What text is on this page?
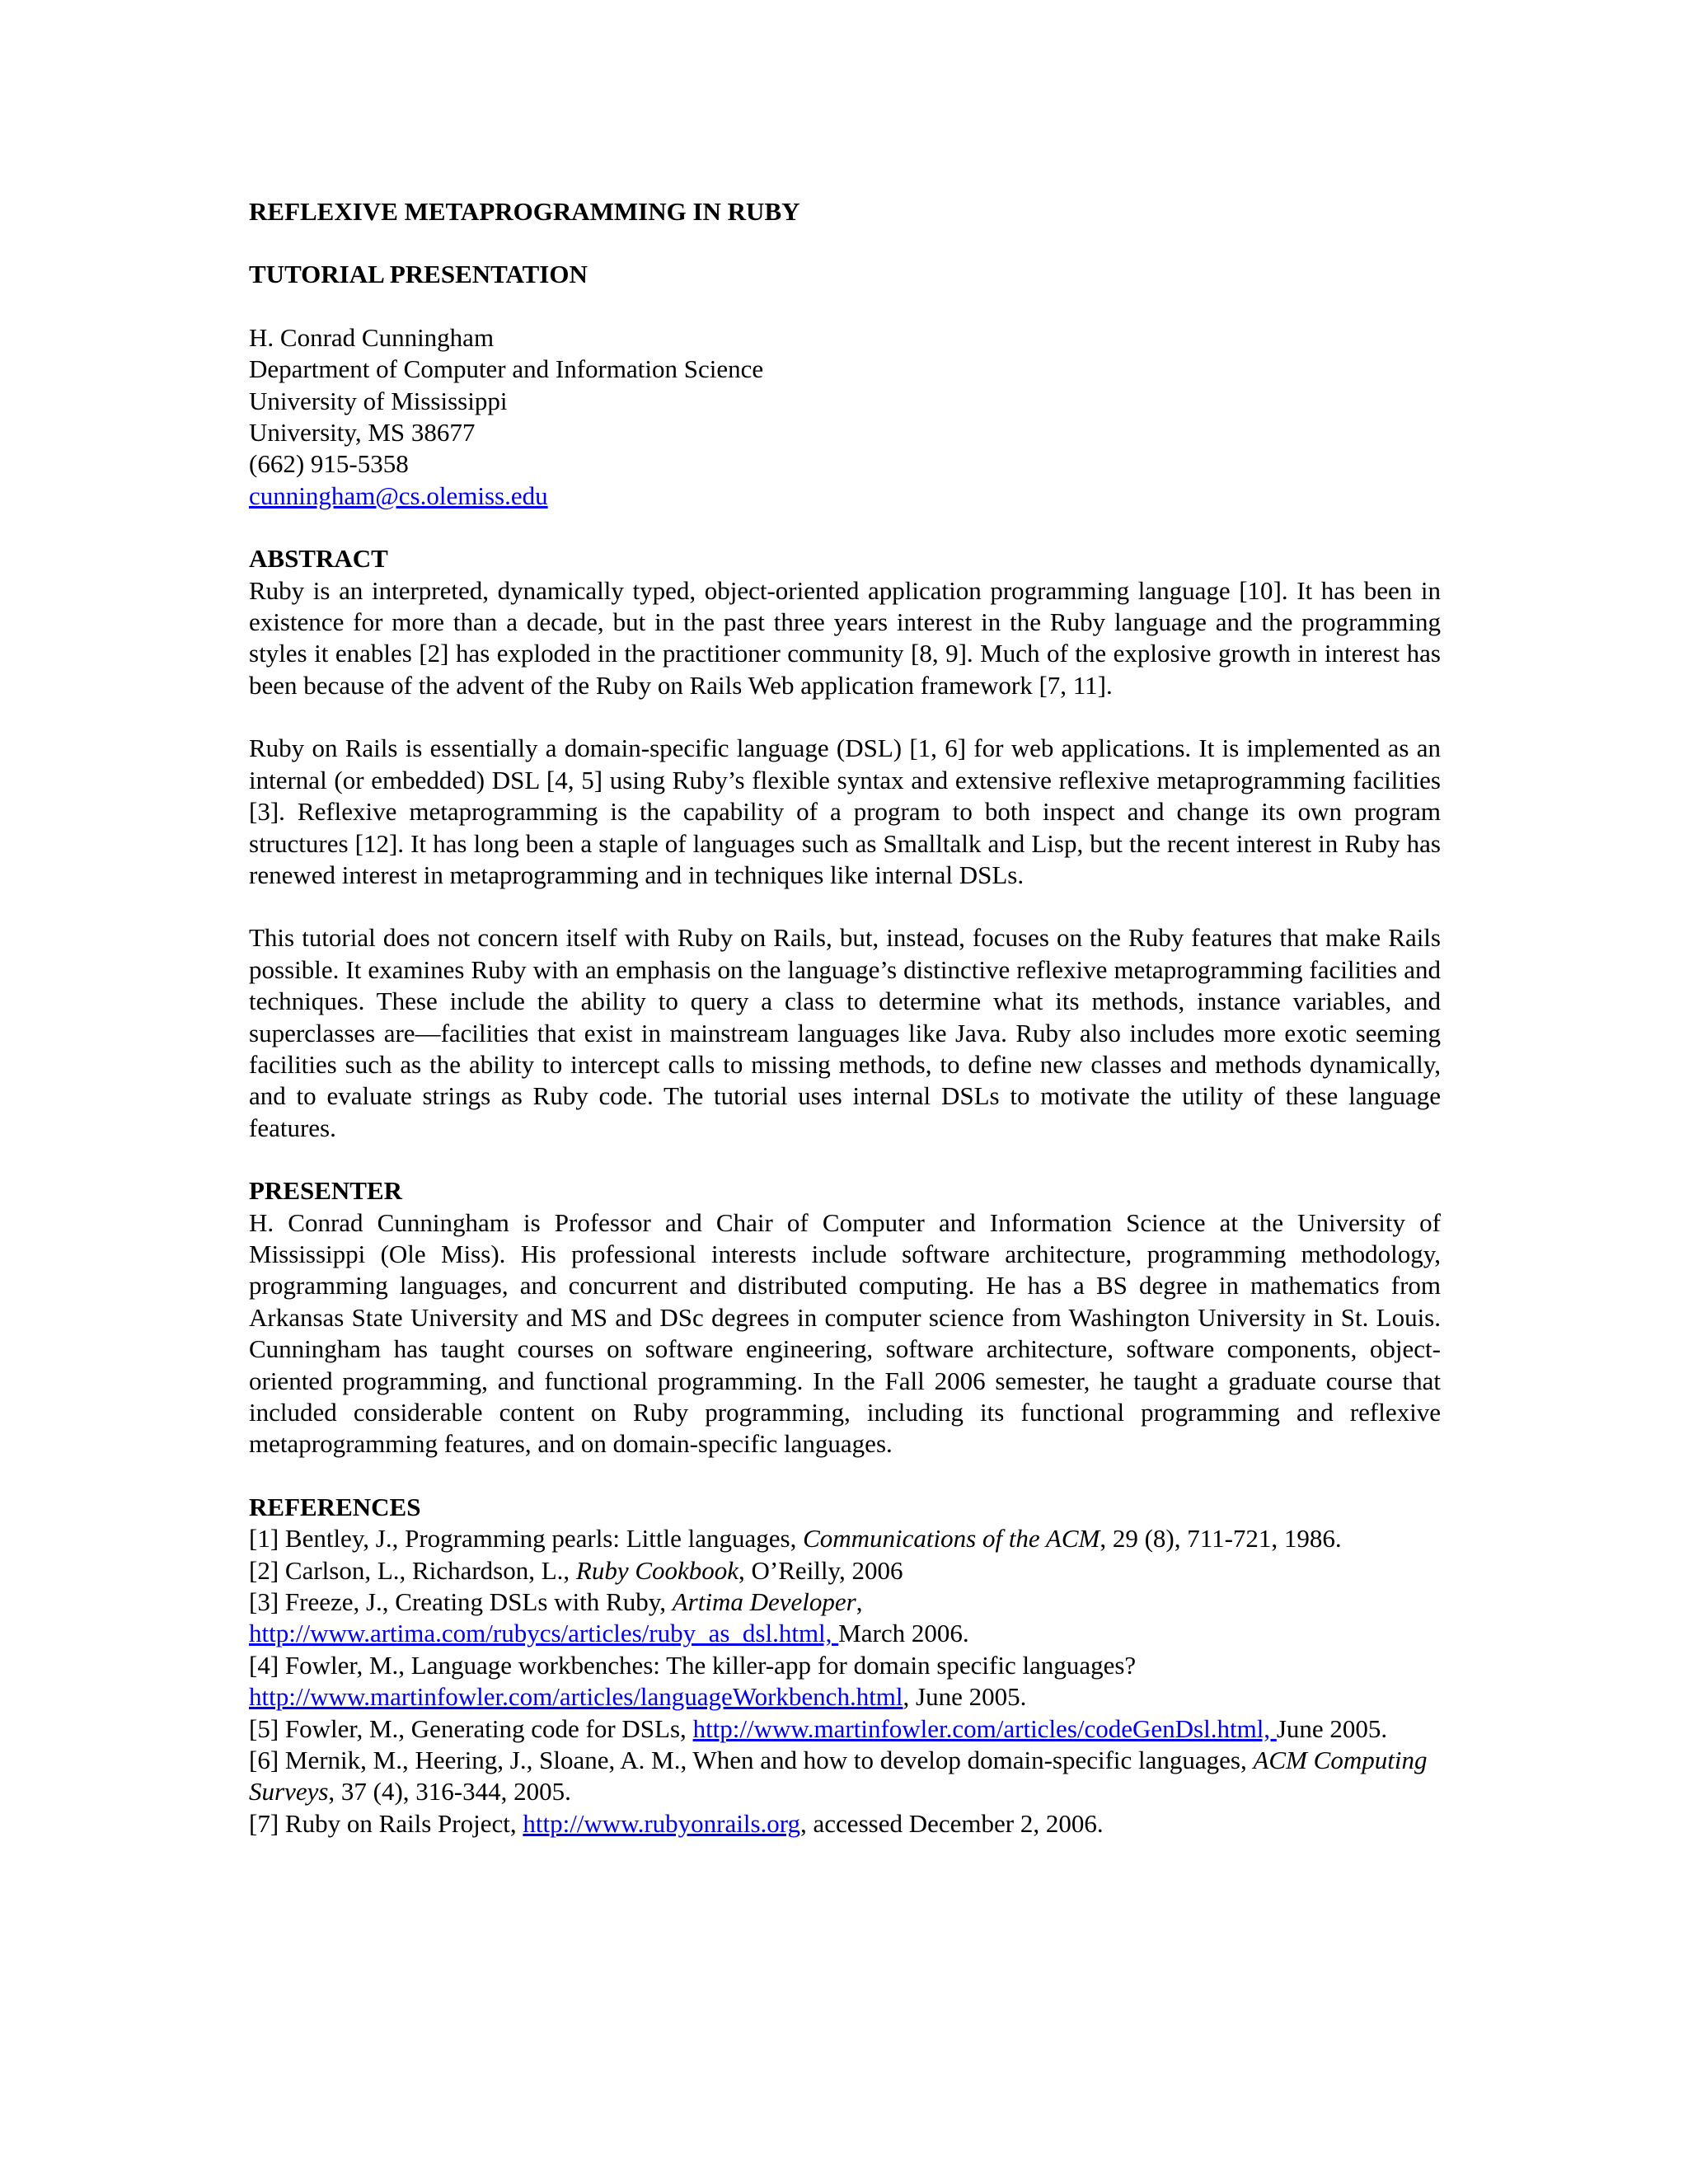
REFLEXIVE METAPROGRAMMING IN RUBY

TUTORIAL PRESENTATION

H. Conrad Cunningham

Department of Computer and Information Science

University of Mississippi

University, MS 38677

(662) 915-5358

cunningham@cs.olemiss.edu

ABSTRACT

Ruby is an interpreted, dynamically typed, object-oriented application programming language [10]. It has been in existence for more than a decade, but in the past three years interest in the Ruby language and the programming styles it enables [2] has exploded in the practitioner community [8, 9]. Much of the explosive growth in interest has been because of the advent of the Ruby on Rails Web application framework [7, 11].

Ruby on Rails is essentially a domain-specific language (DSL) [1, 6] for web applications. It is implemented as an internal (or embedded) DSL [4, 5] using Ruby’s flexible syntax and extensive reflexive metaprogramming facilities [3]. Reflexive metaprogramming is the capability of a program to both inspect and change its own program structures [12]. It has long been a staple of languages such as Smalltalk and Lisp, but the recent interest in Ruby has renewed interest in metaprogramming and in techniques like internal DSLs.

This tutorial does not concern itself with Ruby on Rails, but, instead, focuses on the Ruby features that make Rails possible. It examines Ruby with an emphasis on the language’s distinctive reflexive metaprogramming facilities and techniques. These include the ability to query a class to determine what its methods, instance variables, and superclasses are—facilities that exist in mainstream languages like Java. Ruby also includes more exotic seeming facilities such as the ability to intercept calls to missing methods, to define new classes and methods dynamically, and to evaluate strings as Ruby code. The tutorial uses internal DSLs to motivate the utility of these language features.

PRESENTER

H. Conrad Cunningham is Professor and Chair of Computer and Information Science at the University of Mississippi (Ole Miss). His professional interests include software architecture, programming methodology, programming languages, and concurrent and distributed computing. He has a BS degree in mathematics from Arkansas State University and MS and DSc degrees in computer science from Washington University in St. Louis. Cunningham has taught courses on software engineering, software architecture, software components, object-oriented programming, and functional programming. In the Fall 2006 semester, he taught a graduate course that included considerable content on Ruby programming, including its functional programming and reflexive metaprogramming features, and on domain-specific languages.

REFERENCES

[1] Bentley, J., Programming pearls: Little languages, Communications of the ACM, 29 (8), 711-721, 1986.

[2] Carlson, L., Richardson, L., Ruby Cookbook, O’Reilly, 2006

[3] Freeze, J., Creating DSLs with Ruby, Artima Developer,
http://www.artima.com/rubycs/articles/ruby_as_dsl.html, March 2006.

[4] Fowler, M., Language workbenches: The killer-app for domain specific languages?
http://www.martinfowler.com/articles/languageWorkbench.html, June 2005.

[5] Fowler, M., Generating code for DSLs, http://www.martinfowler.com/articles/codeGenDsl.html, June 2005.

[6] Mernik, M., Heering, J., Sloane, A. M., When and how to develop domain-specific languages, ACM Computing Surveys, 37 (4), 316-344, 2005.

[7] Ruby on Rails Project, http://www.rubyonrails.org, accessed December 2, 2006.
